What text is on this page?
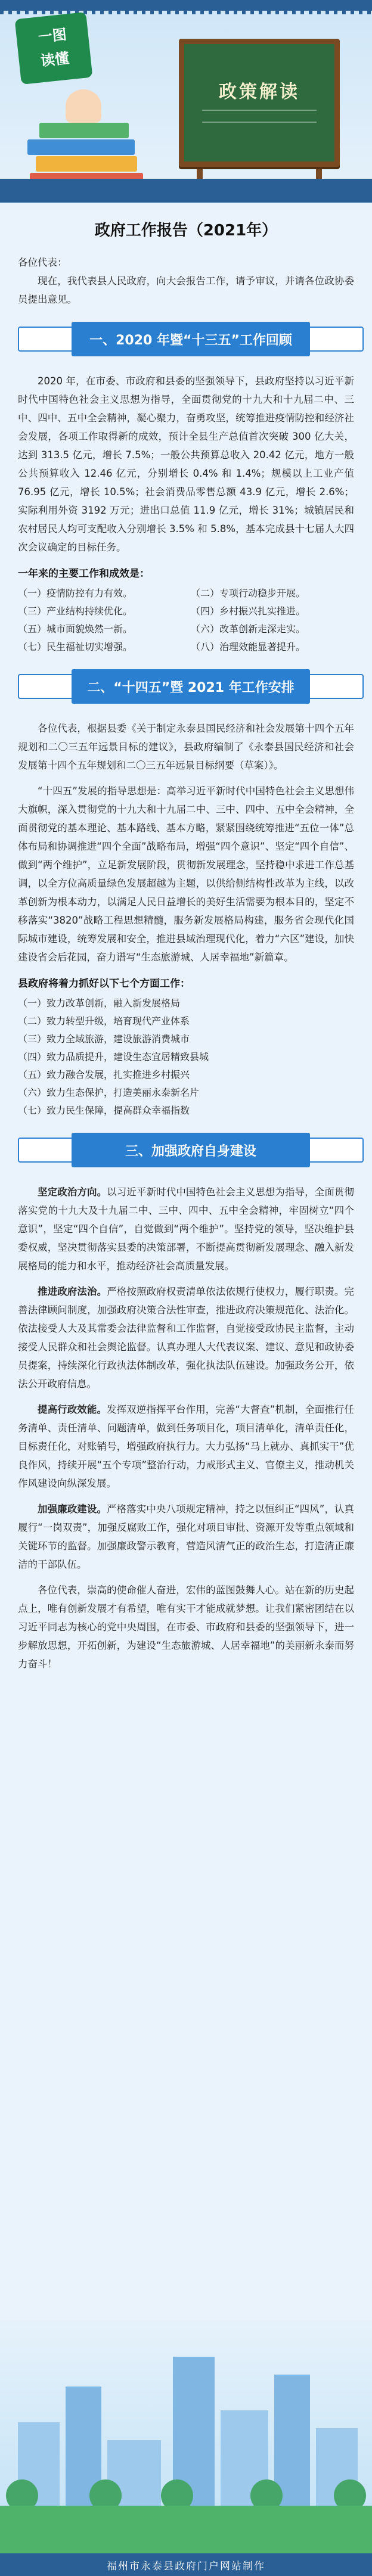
一图
读懂
政策解读
政府工作报告（2021年）

各位代表：

现在，我代表县人民政府，向大会报告工作，请予审议，并请各位政协委员提出意见。

一、2020 年暨“十三五”工作回顾

2020 年，在市委、市政府和县委的坚强领导下，县政府坚持以习近平新时代中国特色社会主义思想为指导，全面贯彻党的十九大和十九届二中、三中、四中、五中全会精神，凝心聚力，奋勇攻坚，统筹推进疫情防控和经济社会发展，各项工作取得新的成效，预计全县生产总值首次突破 300 亿大关，达到 313.5 亿元，增长 7.5%；一般公共预算总收入 20.42 亿元，地方一般公共预算收入 12.46 亿元，分别增长 0.4% 和 1.4%；规模以上工业产值 76.95 亿元，增长 10.5%；社会消费品零售总额 43.9 亿元，增长 2.6%；实际利用外资 3192 万元；进出口总值 11.9 亿元，增长 31%；城镇居民和农村居民人均可支配收入分别增长 3.5% 和 5.8%，基本完成县十七届人大四次会议确定的目标任务。

一年来的主要工作和成效是：
（一）疫情防控有力有效。	（二）专项行动稳步开展。
（三）产业结构持续优化。	（四）乡村振兴扎实推进。
（五）城市面貌焕然一新。	（六）改革创新走深走实。
（七）民生福祉切实增强。	（八）治理效能显著提升。
二、“十四五”暨 2021 年工作安排

各位代表，根据县委《关于制定永泰县国民经济和社会发展第十四个五年规划和二〇三五年远景目标的建议》，县政府编制了《永泰县国民经济和社会发展第十四个五年规划和二〇三五年远景目标纲要（草案）》。

“十四五”发展的指导思想是：高举习近平新时代中国特色社会主义思想伟大旗帜，深入贯彻党的十九大和十九届二中、三中、四中、五中全会精神，全面贯彻党的基本理论、基本路线、基本方略，紧紧围绕统筹推进“五位一体”总体布局和协调推进“四个全面”战略布局，增强“四个意识”、坚定“四个自信”、做到“两个维护”，立足新发展阶段，贯彻新发展理念，坚持稳中求进工作总基调，以全方位高质量绿色发展超越为主题，以供给侧结构性改革为主线，以改革创新为根本动力，以满足人民日益增长的美好生活需要为根本目的，坚定不移落实“3820”战略工程思想精髓，服务新发展格局构建，服务省会现代化国际城市建设，统筹发展和安全，推进县域治理现代化，着力“六区”建设，加快建设省会后花园，奋力谱写“生态旅游城、人居幸福地”新篇章。

县政府将着力抓好以下七个方面工作：
（一）致力改革创新，融入新发展格局
（二）致力转型升级，培育现代产业体系
（三）致力全域旅游，建设旅游消费城市
（四）致力品质提升，建设生态宜居精致县城
（五）致力融合发展，扎实推进乡村振兴
（六）致力生态保护，打造美丽永泰新名片
（七）致力民生保障，提高群众幸福指数
三、加强政府自身建设

坚定政治方向。以习近平新时代中国特色社会主义思想为指导，全面贯彻落实党的十九大及十九届二中、三中、四中、五中全会精神，牢固树立“四个意识”，坚定“四个自信”，自觉做到“两个维护”。坚持党的领导，坚决维护县委权威，坚决贯彻落实县委的决策部署，不断提高贯彻新发展理念、融入新发展格局的能力和水平，推动经济社会高质量发展。

推进政府法治。严格按照政府权责清单依法依规行使权力，履行职责。完善法律顾问制度，加强政府决策合法性审查，推进政府决策规范化、法治化。依法接受人大及其常委会法律监督和工作监督，自觉接受政协民主监督，主动接受人民群众和社会舆论监督。认真办理人大代表议案、建议、意见和政协委员提案，持续深化行政执法体制改革，强化执法队伍建设。加强政务公开，依法公开政府信息。

提高行政效能。发挥双逆指挥平台作用，完善“大督查”机制，全面推行任务清单、责任清单、问题清单，做到任务项目化，项目清单化，清单责任化，目标责任化，对账销号，增强政府执行力。大力弘扬“马上就办、真抓实干”优良作风，持续开展“五个专项”整治行动，力戒形式主义、官僚主义，推动机关作风建设向纵深发展。

加强廉政建设。严格落实中央八项规定精神，持之以恒纠正“四风”，认真履行“一岗双责”，加强反腐败工作，强化对项目审批、资源开发等重点领域和关键环节的监督。加强廉政警示教育，营造风清气正的政治生态，打造清正廉洁的干部队伍。

各位代表，崇高的使命催人奋进，宏伟的蓝图鼓舞人心。站在新的历史起点上，唯有创新发展才有希望，唯有实干才能成就梦想。让我们紧密团结在以习近平同志为核心的党中央周围，在市委、市政府和县委的坚强领导下，进一步解放思想，开拓创新，为建设“生态旅游城、人居幸福地”的美丽新永泰而努力奋斗！

福州市永泰县政府门户网站制作
